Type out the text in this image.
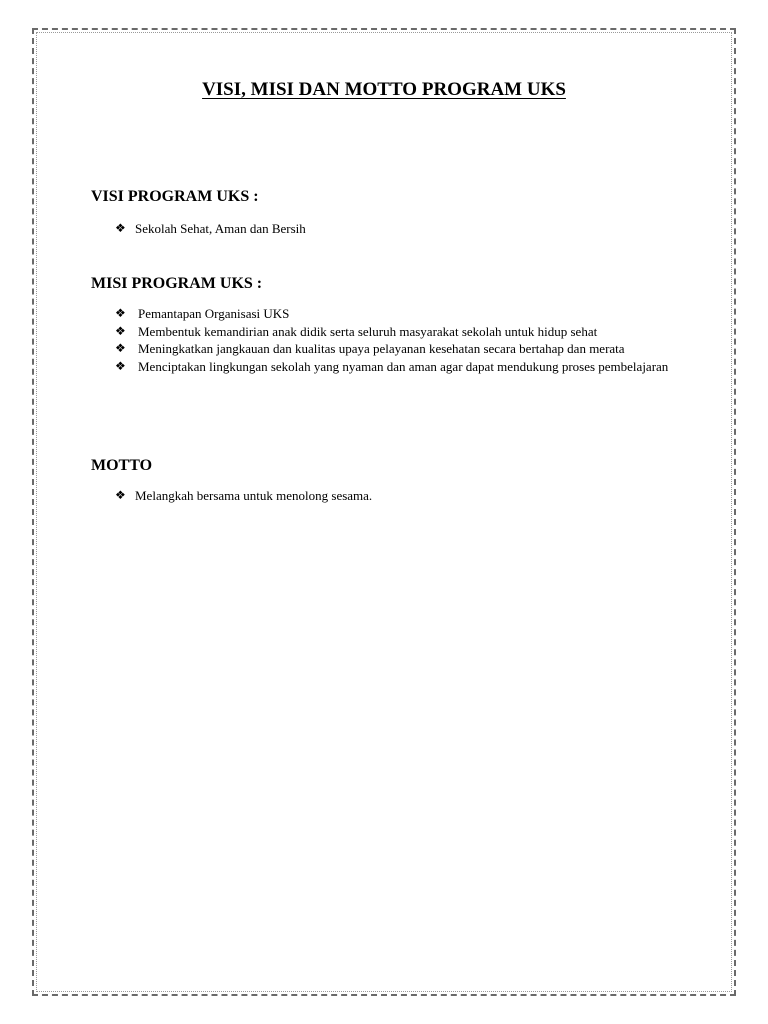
VISI, MISI DAN MOTTO PROGRAM UKS
VISI PROGRAM UKS :
❖ Sekolah Sehat, Aman dan Bersih
MISI PROGRAM UKS :
❖ Pemantapan Organisasi UKS
❖ Membentuk kemandirian anak didik serta seluruh masyarakat sekolah untuk hidup sehat
❖ Meningkatkan jangkauan dan kualitas upaya pelayanan kesehatan secara bertahap dan merata
❖ Menciptakan lingkungan sekolah yang nyaman dan aman agar dapat mendukung proses pembelajaran
MOTTO
❖ Melangkah bersama untuk menolong sesama.
